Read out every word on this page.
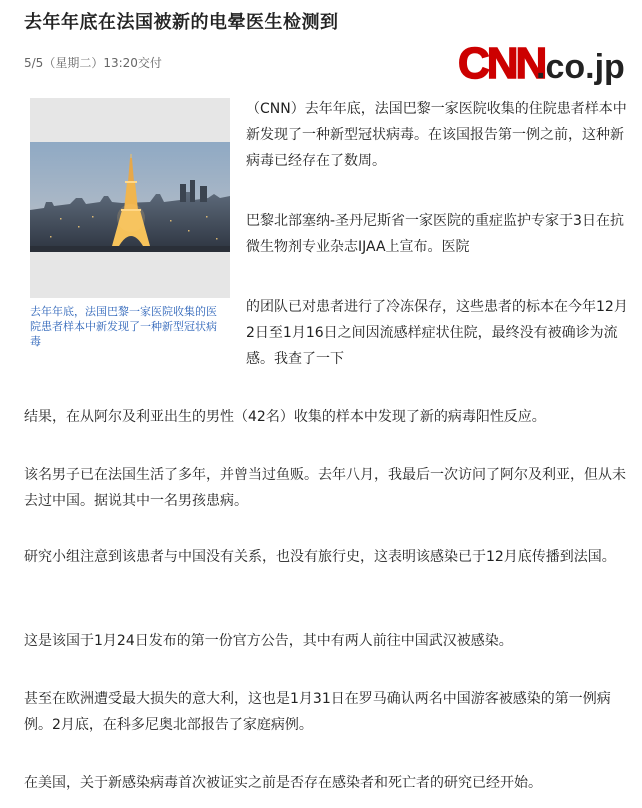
去年年底在法国被新的电晕医生检测到
5/5（星期二）13:20交付	CNN
.co.jp
去年年底，法国巴黎一家医院收集的医院患者样本中新发现了一种新型冠状病毒

（CNN）去年年底，法国巴黎一家医院收集的住院患者样本中新发现了一种新型冠状病毒。在该国报告第一例之前，这种新病毒已经存在了数周。

巴黎北部塞纳-圣丹尼斯省一家医院的重症监护专家于3日在抗微生物剂专业杂志IJAA上宣布。医院

的团队已对患者进行了冷冻保存，这些患者的标本在今年12月2日至1月16日之间因流感样症状住院，最终没有被确诊为流感。我查了一下

结果，在从阿尔及利亚出生的男性（42名）收集的样本中发现了新的病毒阳性反应。

该名男子已在法国生活了多年，并曾当过鱼贩。去年八月，我最后一次访问了阿尔及利亚，但从未去过中国。据说其中一名男孩患病。

研究小组注意到该患者与中国没有关系，也没有旅行史，这表明该感染已于12月底传播到法国。

这是该国于1月24日发布的第一份官方公告，其中有两人前往中国武汉被感染。

甚至在欧洲遭受最大损失的意大利，这也是1月31日在罗马确认两名中国游客被感染的第一例病例。2月底，在科多尼奥北部报告了家庭病例。

在美国，关于新感染病毒首次被证实之前是否存在感染者和死亡者的研究已经开始。
